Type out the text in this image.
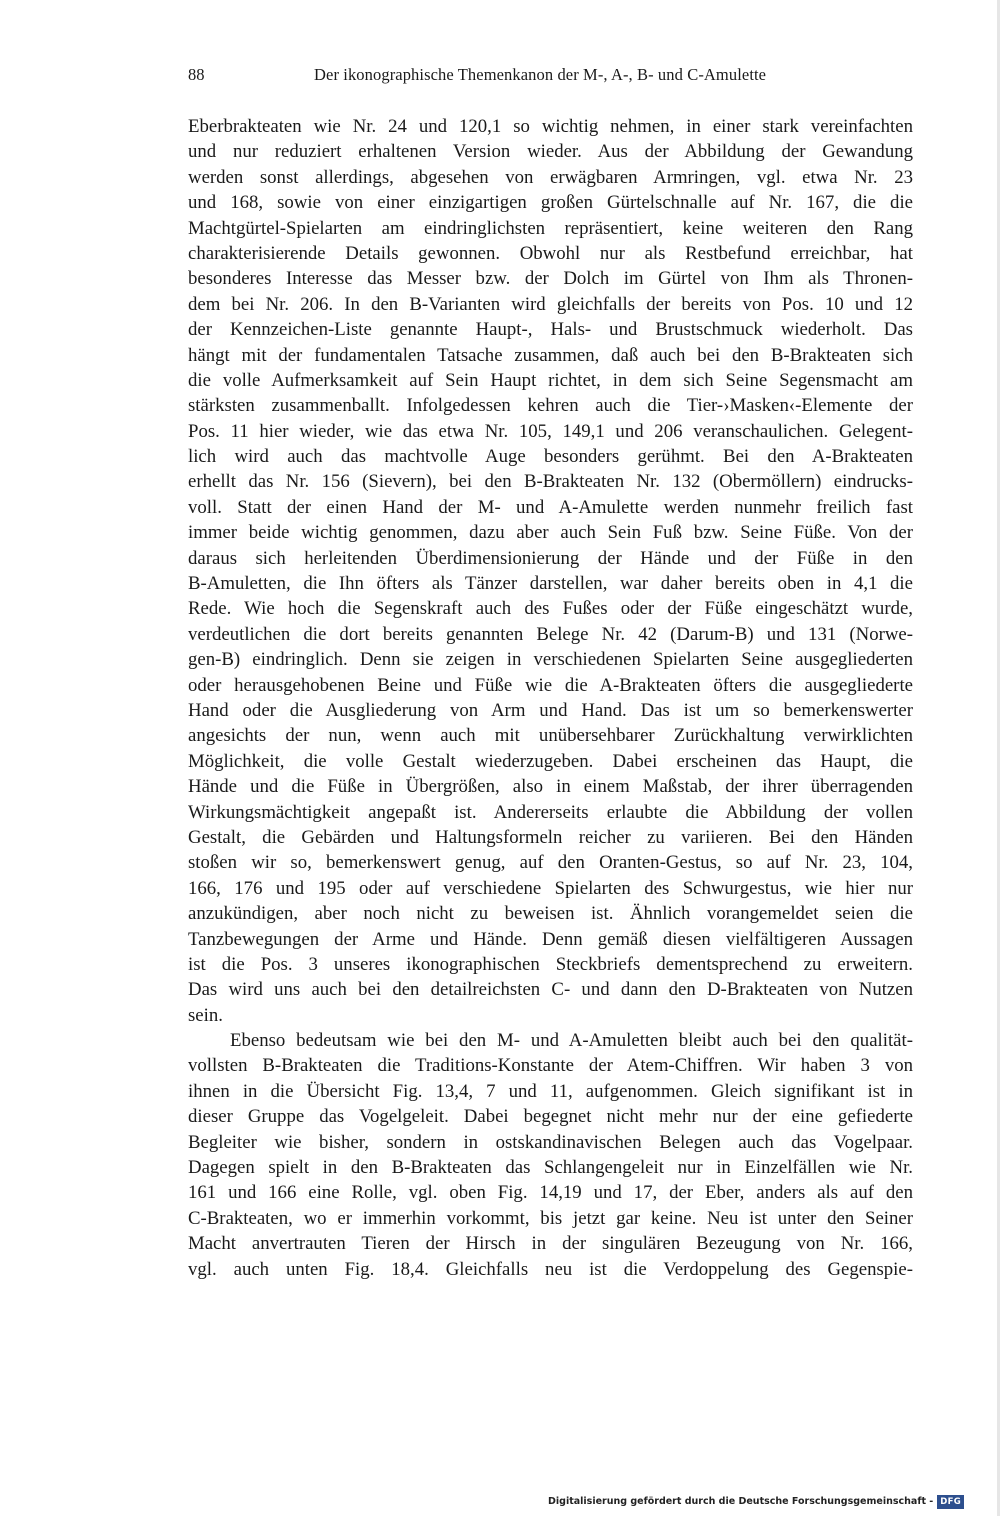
88	Der ikonographische Themenkanon der M-, A-, B- und C-Amulette
Eberbrakteaten wie Nr. 24 und 120,1 so wichtig nehmen, in einer stark vereinfachten
und nur reduziert erhaltenen Version wieder. Aus der Abbildung der Gewandung
werden sonst allerdings, abgesehen von erwägbaren Armringen, vgl. etwa Nr. 23
und 168, sowie von einer einzigartigen großen Gürtelschnalle auf Nr. 167, die die
Machtgürtel-Spielarten am eindringlichsten repräsentiert, keine weiteren den Rang
charakterisierende Details gewonnen. Obwohl nur als Restbefund erreichbar, hat
besonderes Interesse das Messer bzw. der Dolch im Gürtel von Ihm als Thronen-
dem bei Nr. 206. In den B-Varianten wird gleichfalls der bereits von Pos. 10 und 12
der Kennzeichen-Liste genannte Haupt-, Hals- und Brustschmuck wiederholt. Das
hängt mit der fundamentalen Tatsache zusammen, daß auch bei den B-Brakteaten sich
die volle Aufmerksamkeit auf Sein Haupt richtet, in dem sich Seine Segensmacht am
stärksten zusammenballt. Infolgedessen kehren auch die Tier-›Masken‹-Elemente der
Pos. 11 hier wieder, wie das etwa Nr. 105, 149,1 und 206 veranschaulichen. Gelegent-
lich wird auch das machtvolle Auge besonders gerühmt. Bei den A-Brakteaten
erhellt das Nr. 156 (Sievern), bei den B-Brakteaten Nr. 132 (Obermöllern) eindrucks-
voll. Statt der einen Hand der M- und A-Amulette werden nunmehr freilich fast
immer beide wichtig genommen, dazu aber auch Sein Fuß bzw. Seine Füße. Von der
daraus sich herleitenden Überdimensionierung der Hände und der Füße in den
B-Amuletten, die Ihn öfters als Tänzer darstellen, war daher bereits oben in 4,1 die
Rede. Wie hoch die Segenskraft auch des Fußes oder der Füße eingeschätzt wurde,
verdeutlichen die dort bereits genannten Belege Nr. 42 (Darum-B) und 131 (Norwe-
gen-B) eindringlich. Denn sie zeigen in verschiedenen Spielarten Seine ausgegliederten
oder herausgehobenen Beine und Füße wie die A-Brakteaten öfters die ausgegliederte
Hand oder die Ausgliederung von Arm und Hand. Das ist um so bemerkenswerter
angesichts der nun, wenn auch mit unübersehbarer Zurückhaltung verwirklichten
Möglichkeit, die volle Gestalt wiederzugeben. Dabei erscheinen das Haupt, die
Hände und die Füße in Übergrößen, also in einem Maßstab, der ihrer überragenden
Wirkungsmächtigkeit angepaßt ist. Andererseits erlaubte die Abbildung der vollen
Gestalt, die Gebärden und Haltungsformeln reicher zu variieren. Bei den Händen
stoßen wir so, bemerkenswert genug, auf den Oranten-Gestus, so auf Nr. 23, 104,
166, 176 und 195 oder auf verschiedene Spielarten des Schwurgestus, wie hier nur
anzukündigen, aber noch nicht zu beweisen ist. Ähnlich vorangemeldet seien die
Tanzbewegungen der Arme und Hände. Denn gemäß diesen vielfältigeren Aussagen
ist die Pos. 3 unseres ikonographischen Steckbriefs dementsprechend zu erweitern.
Das wird uns auch bei den detailreichsten C- und dann den D-Brakteaten von Nutzen
sein.
Ebenso bedeutsam wie bei den M- und A-Amuletten bleibt auch bei den qualität-
vollsten B-Brakteaten die Traditions-Konstante der Atem-Chiffren. Wir haben 3 von
ihnen in die Übersicht Fig. 13,4, 7 und 11, aufgenommen. Gleich signifikant ist in
dieser Gruppe das Vogelgeleit. Dabei begegnet nicht mehr nur der eine gefiederte
Begleiter wie bisher, sondern in ostskandinavischen Belegen auch das Vogelpaar.
Dagegen spielt in den B-Brakteaten das Schlangengeleit nur in Einzelfällen wie Nr.
161 und 166 eine Rolle, vgl. oben Fig. 14,19 und 17, der Eber, anders als auf den
C-Brakteaten, wo er immerhin vorkommt, bis jetzt gar keine. Neu ist unter den Seiner
Macht anvertrauten Tieren der Hirsch in der singulären Bezeugung von Nr. 166,
vgl. auch unten Fig. 18,4. Gleichfalls neu ist die Verdoppelung des Gegenspie-
Digitalisierung gefördert durch die Deutsche Forschungsgemeinschaft - DFG
